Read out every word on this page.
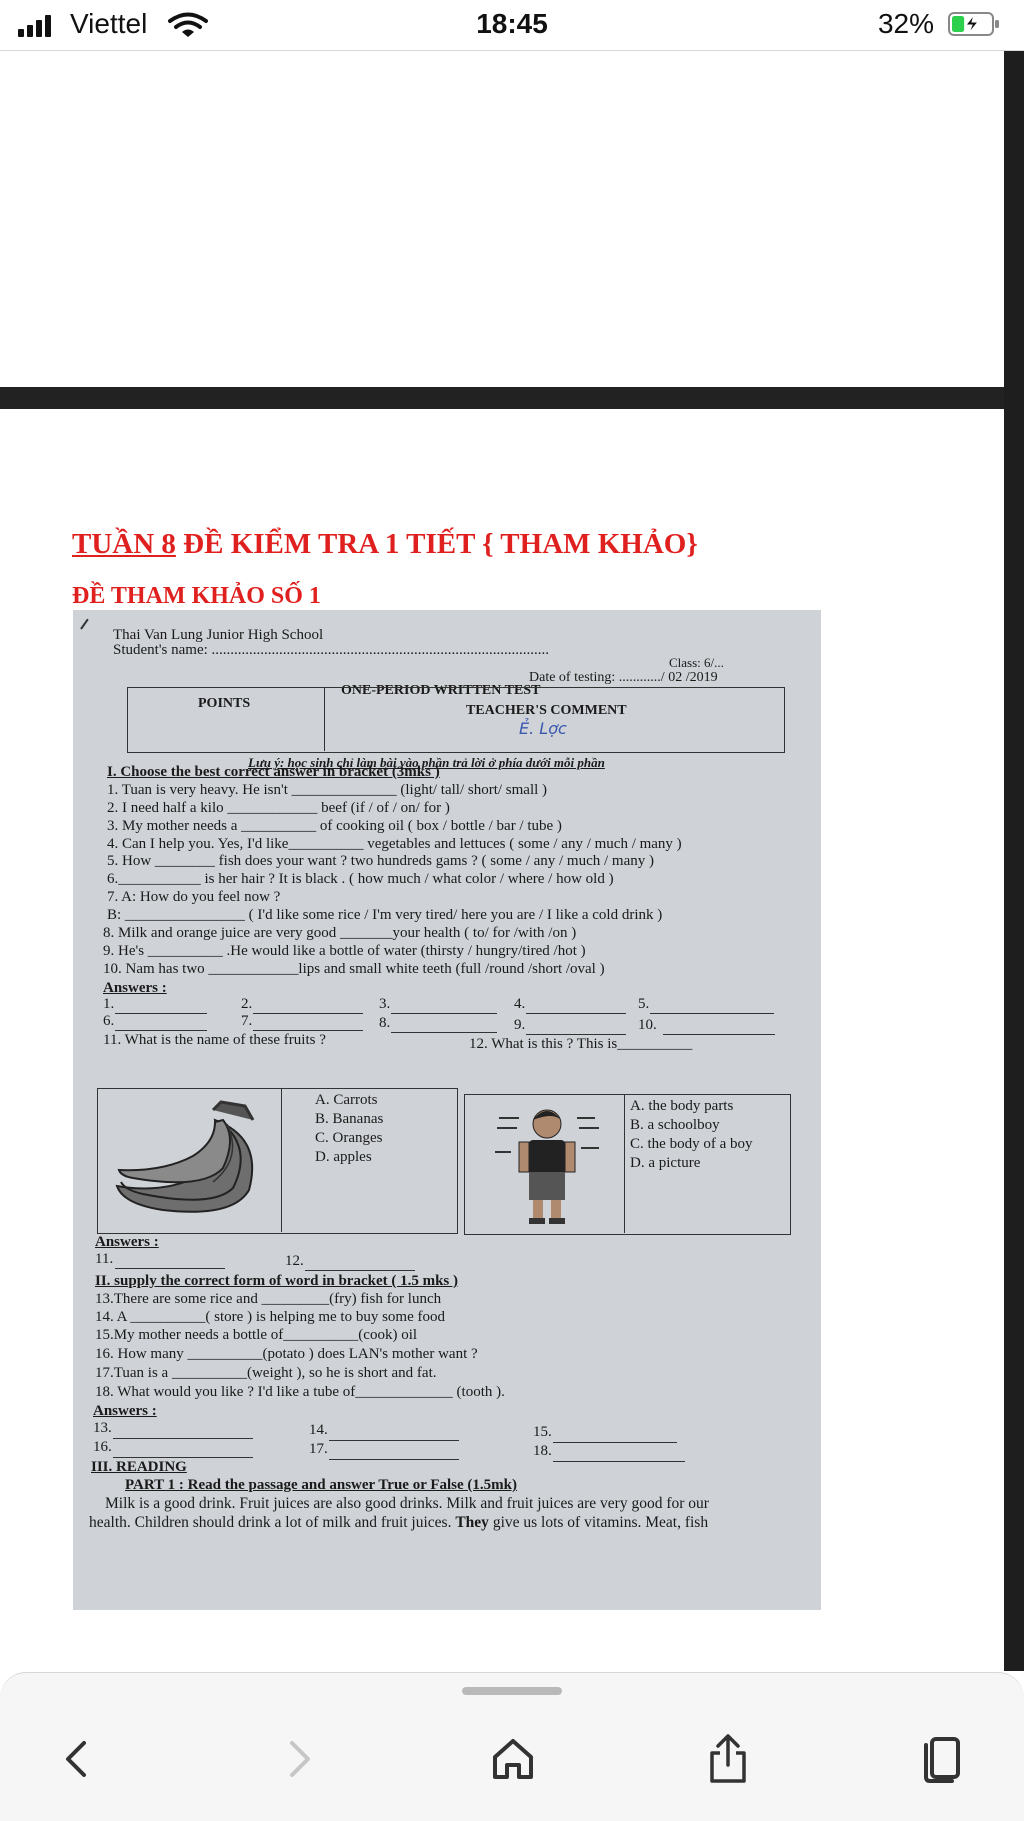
Viettel	18:45	32%
TUẦN 8 ĐỀ KIỂM TRA 1 TIẾT { THAM KHẢO}
ĐỀ THAM KHẢO SỐ 1
Thai Van Lung Junior High School
Student's name: ..........................................................................................
Class: 6/...
Date of testing: ............/ 02 /2019
ONE-PERIOD WRITTEN TEST
POINTS	TEACHER'S COMMENT
Ẻ. Lợc
Lưu ý: học sinh chỉ làm bài vào phần trả lời ở phía dưới mỗi phần
I. Choose the best correct answer in bracket (3mks )
1. Tuan is very heavy. He isn't ______________ (light/ tall/ short/ small )
2. I need half a kilo ____________ beef (if / of / on/ for )
3. My mother needs a __________ of cooking oil ( box / bottle / bar / tube )
4. Can I help you. Yes, I'd like__________ vegetables and lettuces ( some / any / much / many )
5. How ________ fish does your want ? two hundreds gams ? ( some / any / much / many )
6.___________ is her hair ? It is black . ( how much / what color / where / how old )
7. A: How do you feel now ?
B: ________________ ( I'd like some rice / I'm very tired/ here you are / I like a cold drink )
8. Milk and orange juice are very good _______your health ( to/ for /with /on )
9. He's __________ .He would like a bottle of water (thirsty / hungry/tired /hot )
10. Nam has two ____________lips and small white teeth (full /round /short /oval )
Answers :
1.	2.	3.	4.	5.
6.	7.	8.	9.	10.
11. What is the name of these fruits ?	12. What is this ? This is__________
A. Carrots
B. Bananas
C. Oranges
D. apples
A. the body parts
B. a schoolboy
C. the body of a boy
D. a picture
Answers :
11.	12.
II. supply the correct form of word in bracket ( 1.5 mks )
13.There are some rice and _________(fry) fish for lunch
14. A __________( store ) is helping me to buy some food
15.My mother needs a bottle of__________(cook) oil
16. How many __________(potato ) does LAN's mother want ?
17.Tuan is a __________(weight ), so he is short and fat.
18. What would you like ? I'd like a tube of_____________ (tooth ).
Answers :
13.	14.	15.
16.	17.	18.
III. READING
PART 1 : Read the passage and answer True or False (1.5mk)
Milk is a good drink. Fruit juices are also good drinks. Milk and fruit juices are very good for our
health. Children should drink a lot of milk and fruit juices. They give us lots of vitamins. Meat, fish
